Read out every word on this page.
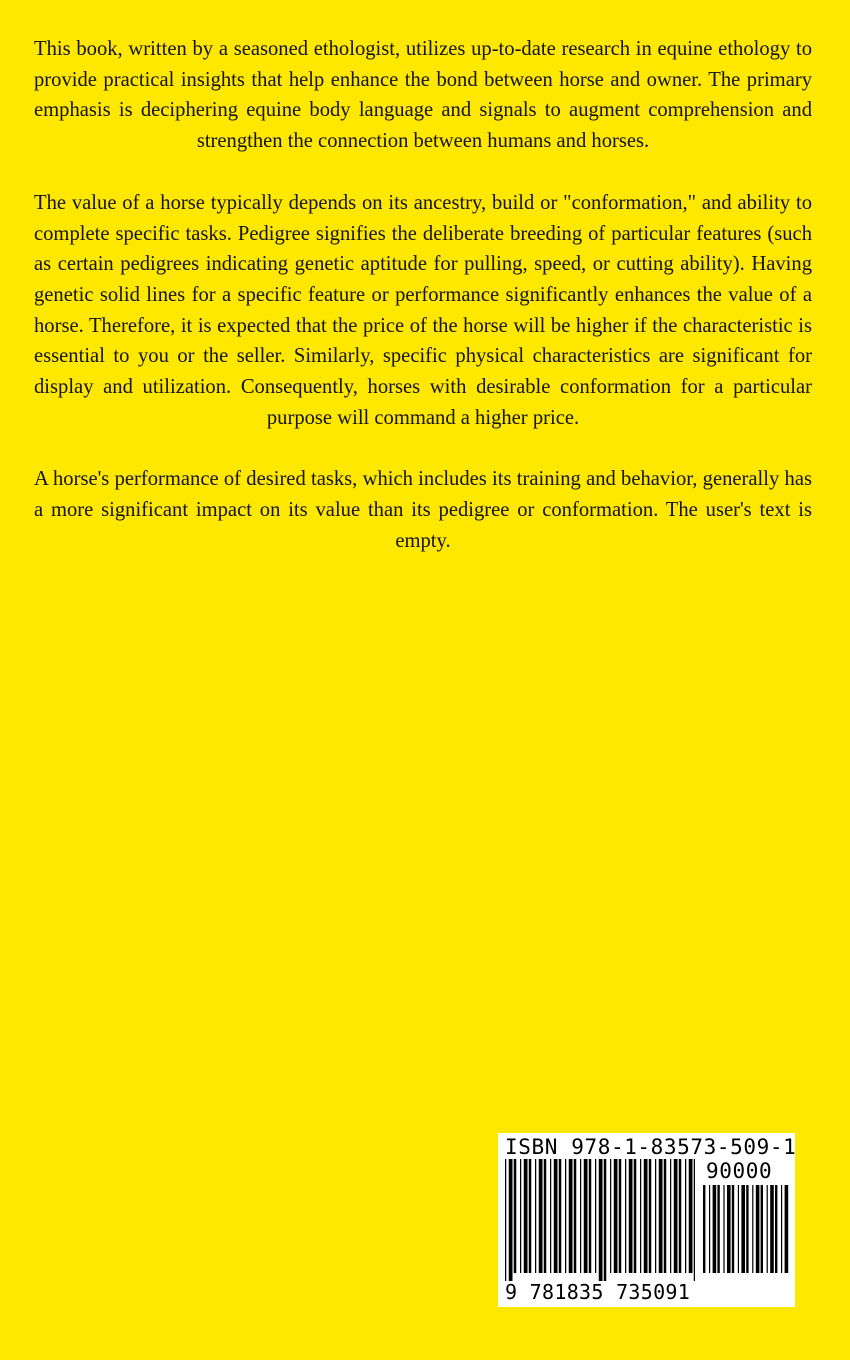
This book, written by a seasoned ethologist, utilizes up-to-date research in equine ethology to provide practical insights that help enhance the bond between horse and owner. The primary emphasis is deciphering equine body language and signals to augment comprehension and strengthen the connection between humans and horses.

The value of a horse typically depends on its ancestry, build or "conformation," and ability to complete specific tasks. Pedigree signifies the deliberate breeding of particular features (such as certain pedigrees indicating genetic aptitude for pulling, speed, or cutting ability). Having genetic solid lines for a specific feature or performance significantly enhances the value of a horse. Therefore, it is expected that the price of the horse will be higher if the characteristic is essential to you or the seller. Similarly, specific physical characteristics are significant for display and utilization. Consequently, horses with desirable conformation for a particular purpose will command a higher price.

A horse's performance of desired tasks, which includes its training and behavior, generally has a more significant impact on its value than its pedigree or conformation. The user's text is empty.

ISBN 978-1-83573-509-1
90000
9 781835 735091
